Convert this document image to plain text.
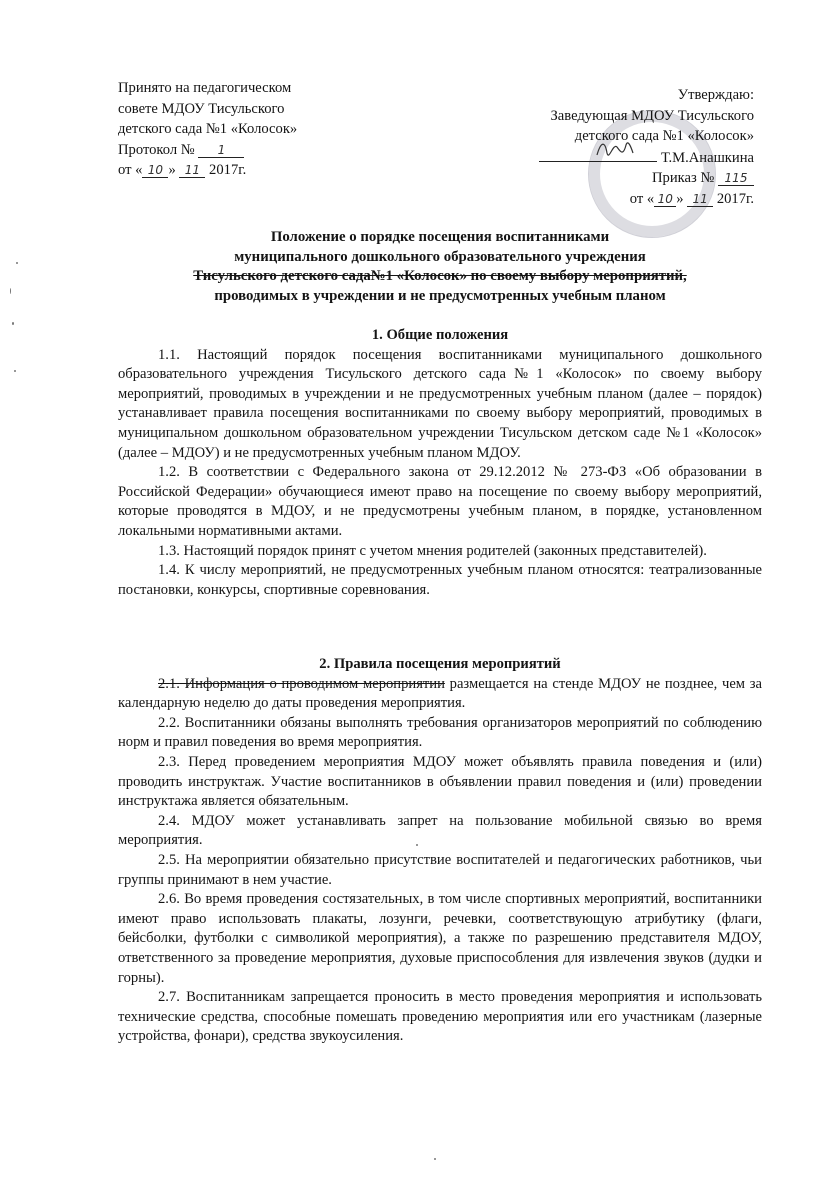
Принято на педагогическом
совете МДОУ Тисульского
детского сада №1 «Колосок»
Протокол № 1
от « 10 » 11 2017г.
Утверждаю:
Заведующая МДОУ Тисульского
детского сада №1 «Колосок»
Т.М.Анашкина
Приказ № 115
от « 10 » 11 2017г.
Положение о порядке посещения воспитанниками
муниципального дошкольного образовательного учреждения
Тисульского детского сада№1 «Колосок» по своему выбору мероприятий,
проводимых в учреждении и не предусмотренных учебным планом

1. Общие положения

1.1. Настоящий порядок посещения воспитанниками муниципального дошкольного образовательного учреждения Тисульского детского сада№1 «Колосок» по своему выбору мероприятий, проводимых в учреждении и не предусмотренных учебным планом (далее – порядок) устанавливает правила посещения воспитанниками по своему выбору мероприятий, проводимых в муниципальном дошкольном образовательном учреждении Тисульском детском саде №1 «Колосок» (далее – МДОУ) и не предусмотренных учебным планом МДОУ.

1.2. В соответствии с Федерального закона от 29.12.2012 № 273-ФЗ «Об образовании в Российской Федерации» обучающиеся имеют право на посещение по своему выбору мероприятий, которые проводятся в МДОУ, и не предусмотрены учебным планом, в порядке, установленном локальными нормативными актами.

1.3. Настоящий порядок принят с учетом мнения родителей (законных представителей).

1.4. К числу мероприятий, не предусмотренных учебным планом относятся: театрализованные постановки, конкурсы, спортивные соревнования.

2. Правила посещения мероприятий

2.1. Информация о проводимом мероприятии размещается на стенде МДОУ не позднее, чем за календарную неделю до даты проведения мероприятия.

2.2. Воспитанники обязаны выполнять требования организаторов мероприятий по соблюдению норм и правил поведения во время мероприятия.

2.3. Перед проведением мероприятия МДОУ может объявлять правила поведения и (или) проводить инструктаж. Участие воспитанников в объявлении правил поведения и (или) проведении инструктажа является обязательным.

2.4. МДОУ может устанавливать запрет на пользование мобильной связью во время мероприятия.

2.5. На мероприятии обязательно присутствие воспитателей и педагогических работников, чьи группы принимают в нем участие.

2.6. Во время проведения состязательных, в том числе спортивных мероприятий, воспитанники имеют право использовать плакаты, лозунги, речевки, соответствующую атрибутику (флаги, бейсболки, футболки с символикой мероприятия), а также по разрешению представителя МДОУ, ответственного за проведение мероприятия, духовые приспособления для извлечения звуков (дудки и горны).

2.7. Воспитанникам запрещается проносить в место проведения мероприятия и использовать технические средства, способные помешать проведению мероприятия или его участникам (лазерные устройства, фонари), средства звукоусиления.
